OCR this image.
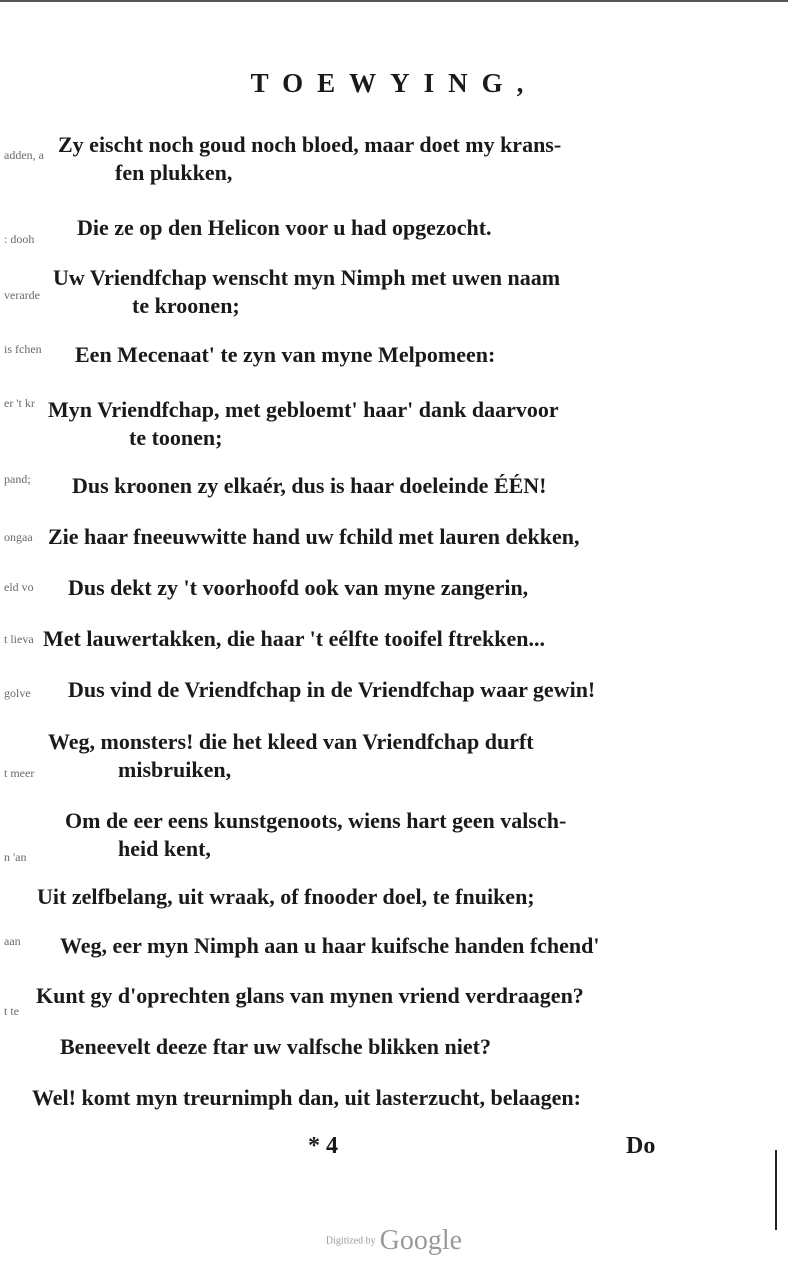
TOEWYING,
adden, a
: dooh
verarde
is fchen
er 't kr
pand;
ongaa
eld vo
t lieva
golve
t meer
n 'an
aan
t te
Zy eischt noch goud noch bloed, maar doet my krans-
fen plukken,
Die ze op den Helicon voor u had opgezocht.
Uw Vriendfchap wenscht myn Nimph met uwen naam
te kroonen;
Een Mecenaat' te zyn van myne Melpomeen:
Myn Vriendfchap, met gebloemt' haar' dank daarvoor
te toonen;
Dus kroonen zy elkaér, dus is haar doeleinde ÉÉN!
Zie haar fneeuwwitte hand uw fchild met lauren dekken,
Dus dekt zy 't voorhoofd ook van myne zangerin,
Met lauwertakken, die haar 't eélfte tooifel ftrekken...
Dus vind de Vriendfchap in de Vriendfchap waar gewin!
Weg, monsters! die het kleed van Vriendfchap durft
misbruiken,
Om de eer eens kunstgenoots, wiens hart geen valsch-
heid kent,
Uit zelfbelang, uit wraak, of fnooder doel, te fnuiken;
Weg, eer myn Nimph aan u haar kuifsche handen fchend'
Kunt gy d'oprechten glans van mynen vriend verdraagen?
Beneevelt deeze ftar uw valfsche blikken niet?
Wel! komt myn treurnimph dan, uit lasterzucht, belaagen:
* 4	Do
Digitized by Google
